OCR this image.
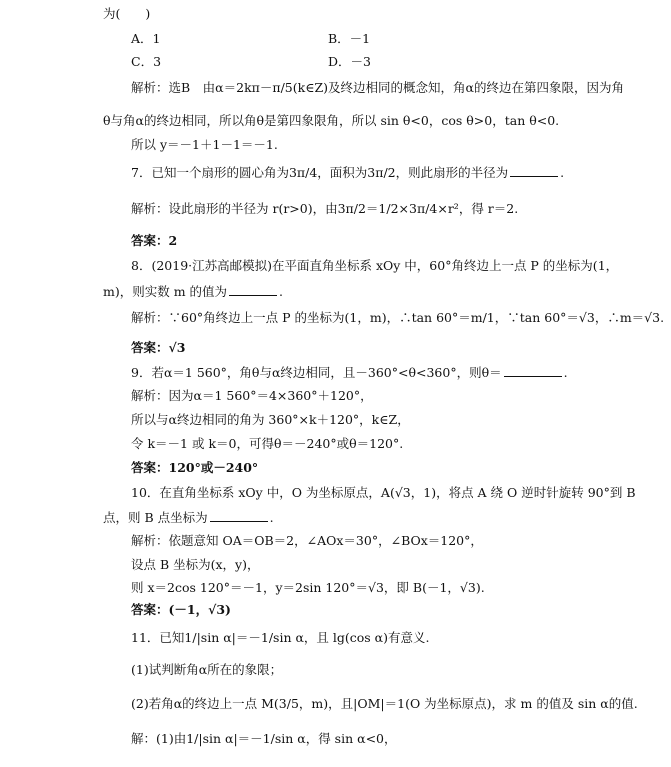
为(　　)
A．1	B．－1
C．3	D．－3
解析：选B　由α＝2kπ－π/5(k∈Z)及终边相同的概念知，角α的终边在第四象限，因为角
θ与角α的终边相同，所以角θ是第四象限角，所以 sin θ<0，cos θ>0，tan θ<0.
所以 y＝－1＋1－1＝－1.
7．已知一个扇形的圆心角为3π/4，面积为3π/2，则此扇形的半径为	.
解析：设此扇形的半径为 r(r>0)，由3π/2＝1/2×3π/4×r²，得 r＝2.
答案：2
8．(2019·江苏高邮模拟)在平面直角坐标系 xOy 中，60°角终边上一点 P 的坐标为(1，
m)，则实数 m 的值为	.
解析：∵60°角终边上一点 P 的坐标为(1，m)，∴tan 60°＝m/1，∵tan 60°＝√3，∴m＝√3.
答案：√3
9．若α＝1 560°，角θ与α终边相同，且－360°<θ<360°，则θ＝	.
解析：因为α＝1 560°＝4×360°＋120°，
所以与α终边相同的角为 360°×k＋120°，k∈Z，
令 k＝－1 或 k＝0，可得θ＝－240°或θ＝120°.
答案：120°或－240°
10．在直角坐标系 xOy 中，O 为坐标原点，A(√3，1)，将点 A 绕 O 逆时针旋转 90°到 B
点，则 B 点坐标为	.
解析：依题意知 OA＝OB＝2，∠AOx＝30°，∠BOx＝120°，
设点 B 坐标为(x，y)，
则 x＝2cos 120°＝－1，y＝2sin 120°＝√3，即 B(－1，√3).
答案：(－1，√3)
11．已知1/|sin α|＝－1/sin α，且 lg(cos α)有意义.
(1)试判断角α所在的象限；
(2)若角α的终边上一点 M(3/5，m)，且|OM|＝1(O 为坐标原点)，求 m 的值及 sin α的值.
解：(1)由1/|sin α|＝－1/sin α，得 sin α<0，
